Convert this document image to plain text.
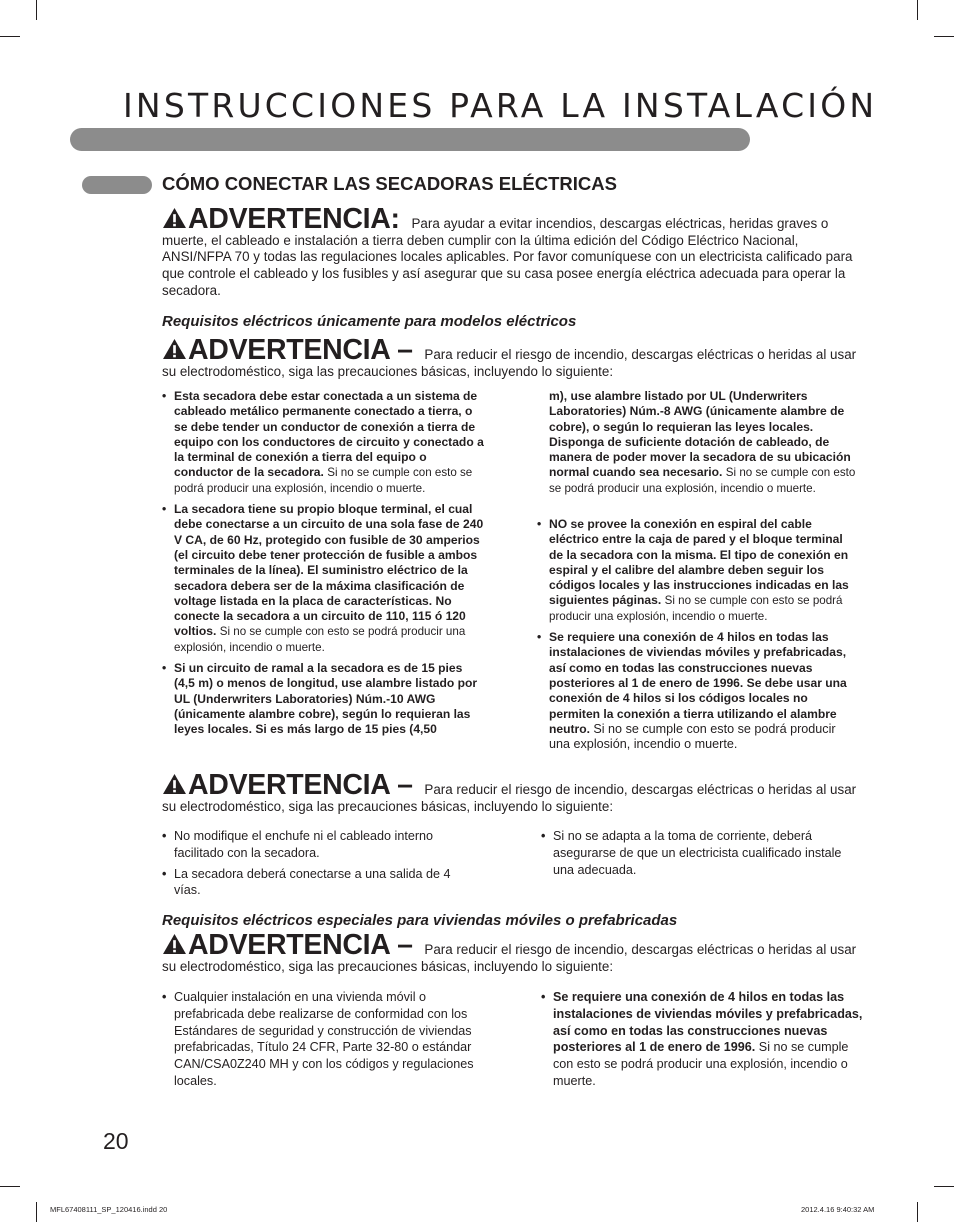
INSTRUCCIONES PARA LA INSTALACIÓN
CÓMO CONECTAR LAS SECADORAS ELÉCTRICAS
ADVERTENCIA: Para ayudar a evitar incendios, descargas eléctricas, heridas graves o muerte, el cableado e instalación a tierra deben cumplir con la última edición del Código Eléctrico Nacional, ANSI/NFPA 70 y todas las regulaciones locales aplicables. Por favor comuníquese con un electricista calificado para que controle el cableado y los fusibles y así asegurar que su casa posee energía eléctrica adecuada para operar la secadora.
Requisitos eléctricos únicamente para modelos eléctricos
ADVERTENCIA – Para reducir el riesgo de incendio, descargas eléctricas o heridas al usar su electrodoméstico, siga las precauciones básicas, incluyendo lo siguiente:
• Esta secadora debe estar conectada a un sistema de cableado metálico permanente conectado a tierra, o se debe tender un conductor de conexión a tierra de equipo con los conductores de circuito y conectado a la terminal de conexión a tierra del equipo o conductor de la secadora. Si no se cumple con esto se podrá producir una explosión, incendio o muerte.
• La secadora tiene su propio bloque terminal, el cual debe conectarse a un circuito de una sola fase de 240 V CA, de 60 Hz, protegido con fusible de 30 amperios (el circuito debe tener protección de fusible a ambos terminales de la línea). El suministro eléctrico de la secadora debera ser de la máxima clasificación de voltage listada en la placa de características. No conecte la secadora a un circuito de 110, 115 ó 120 voltios. Si no se cumple con esto se podrá producir una explosión, incendio o muerte.
• Si un circuito de ramal a la secadora es de 15 pies (4,5 m) o menos de longitud, use alambre listado por UL (Underwriters Laboratories) Núm.-10 AWG (únicamente alambre cobre), según lo requieran las leyes locales. Si es más largo de 15 pies (4,50
m), use alambre listado por UL (Underwriters Laboratories) Núm.-8 AWG (únicamente alambre de cobre), o según lo requieran las leyes locales. Disponga de suficiente dotación de cableado, de manera de poder mover la secadora de su ubicación normal cuando sea necesario. Si no se cumple con esto se podrá producir una explosión, incendio o muerte.
• NO se provee la conexión en espiral del cable eléctrico entre la caja de pared y el bloque terminal de la secadora con la misma. El tipo de conexión en espiral y el calibre del alambre deben seguir los códigos locales y las instrucciones indicadas en las siguientes páginas. Si no se cumple con esto se podrá producir una explosión, incendio o muerte.
• Se requiere una conexión de 4 hilos en todas las instalaciones de viviendas móviles y prefabricadas, así como en todas las construcciones nuevas posteriores al 1 de enero de 1996. Se debe usar una conexión de 4 hilos si los códigos locales no permiten la conexión a tierra utilizando el alambre neutro. Si no se cumple con esto se podrá producir una explosión, incendio o muerte.
ADVERTENCIA – Para reducir el riesgo de incendio, descargas eléctricas o heridas al usar su electrodoméstico, siga las precauciones básicas, incluyendo lo siguiente:
• No modifique el enchufe ni el cableado interno facilitado con la secadora.
• La secadora deberá conectarse a una salida de 4 vías.
• Si no se adapta a la toma de corriente, deberá asegurarse de que un electricista cualificado instale una adecuada.
Requisitos eléctricos especiales para viviendas móviles o prefabricadas
ADVERTENCIA – Para reducir el riesgo de incendio, descargas eléctricas o heridas al usar su electrodoméstico, siga las precauciones básicas, incluyendo lo siguiente:
• Cualquier instalación en una vivienda móvil o prefabricada debe realizarse de conformidad con los Estándares de seguridad y construcción de viviendas prefabricadas, Título 24 CFR, Parte 32-80 o estándar CAN/CSA0Z240 MH y con los códigos y regulaciones locales.
• Se requiere una conexión de 4 hilos en todas las instalaciones de viviendas móviles y prefabricadas, así como en todas las construcciones nuevas posteriores al 1 de enero de 1996. Si no se cumple con esto se podrá producir una explosión, incendio o muerte.
20
MFL67408111_SP_120416.indd 20	2012.4.16 9:40:32 AM
